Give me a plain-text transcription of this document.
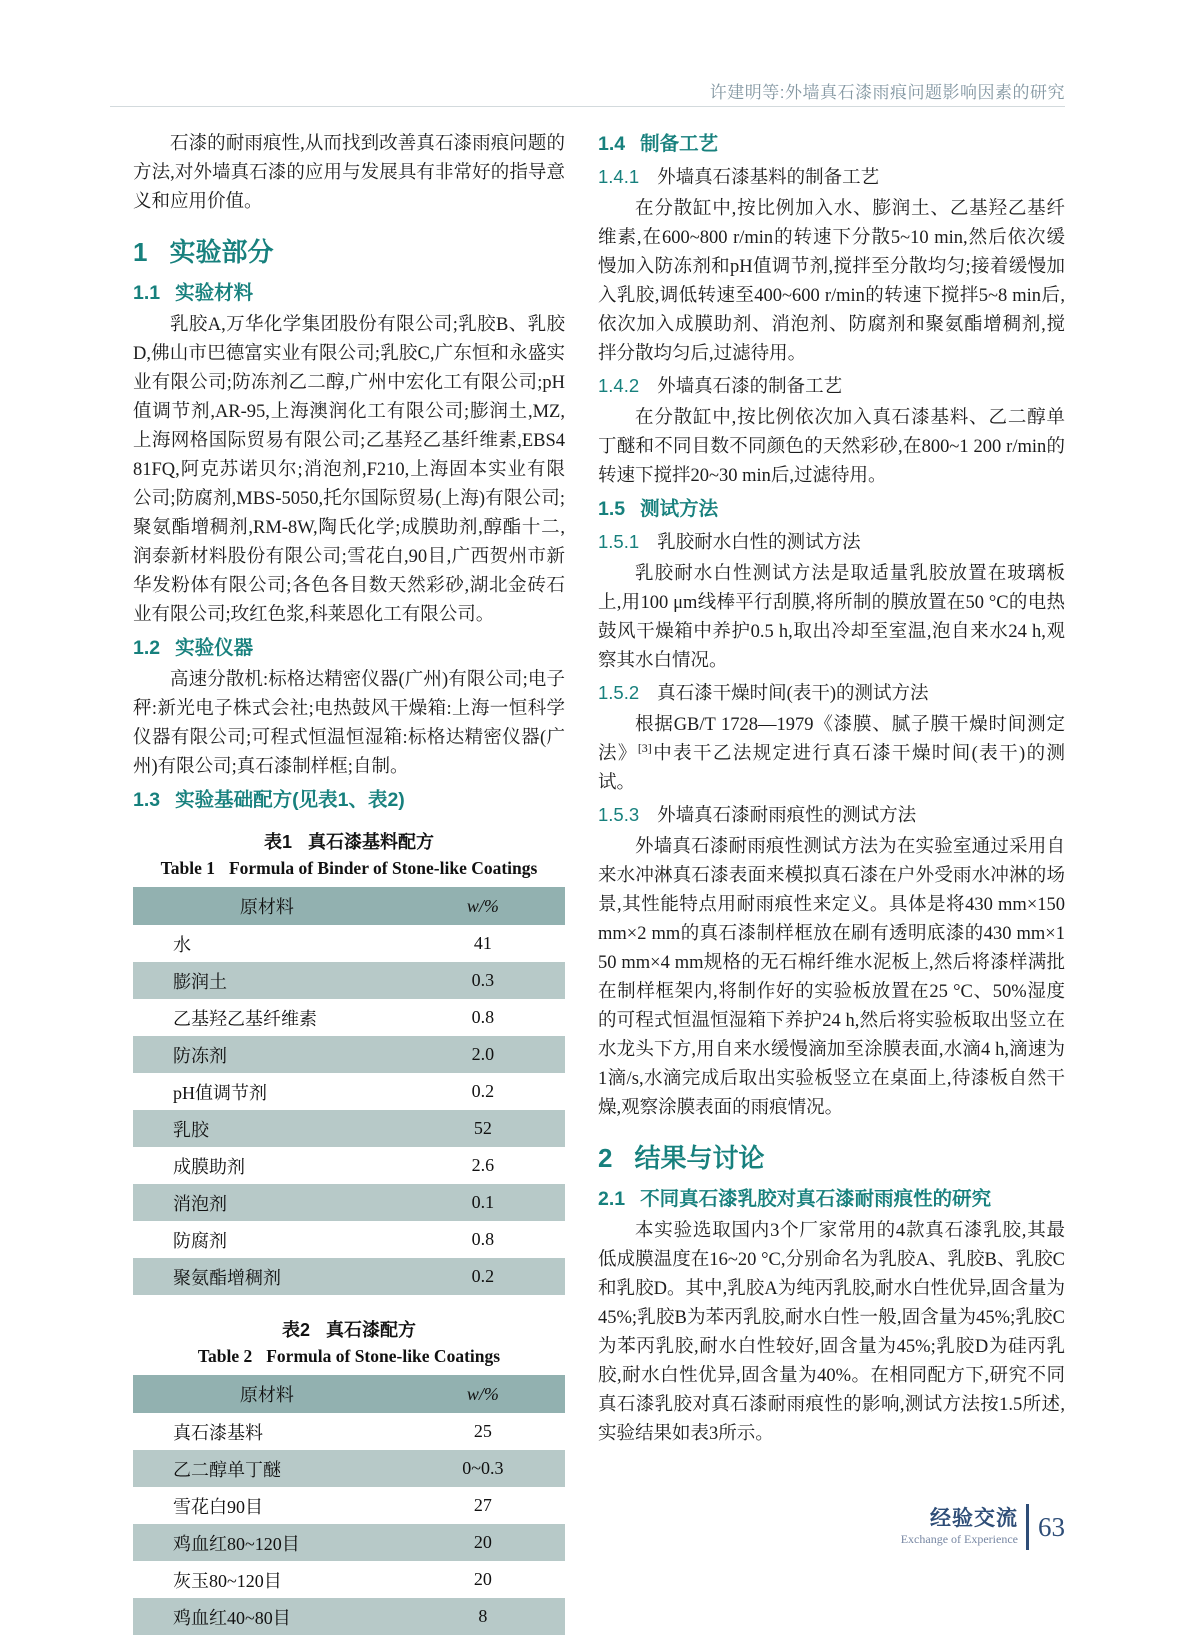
许建明等:外墙真石漆雨痕问题影响因素的研究

石漆的耐雨痕性,从而找到改善真石漆雨痕问题的方法,对外墙真石漆的应用与发展具有非常好的指导意义和应用价值。

1 实验部分
1.1 实验材料

乳胶A,万华化学集团股份有限公司;乳胶B、乳胶D,佛山市巴德富实业有限公司;乳胶C,广东恒和永盛实业有限公司;防冻剂乙二醇,广州中宏化工有限公司;pH值调节剂,AR-95,上海澳润化工有限公司;膨润土,MZ,上海网格国际贸易有限公司;乙基羟乙基纤维素,EBS481FQ,阿克苏诺贝尔;消泡剂,F210,上海固本实业有限公司;防腐剂,MBS-5050,托尔国际贸易(上海)有限公司;聚氨酯增稠剂,RM-8W,陶氏化学;成膜助剂,醇酯十二,润泰新材料股份有限公司;雪花白,90目,广西贺州市新华发粉体有限公司;各色各目数天然彩砂,湖北金砖石业有限公司;玫红色浆,科莱恩化工有限公司。

1.2 实验仪器

高速分散机:标格达精密仪器(广州)有限公司;电子秤:新光电子株式会社;电热鼓风干燥箱:上海一恒科学仪器有限公司;可程式恒温恒湿箱:标格达精密仪器(广州)有限公司;真石漆制样框;自制。

1.3 实验基础配方(见表1、表2)
表1 真石漆基料配方
Table 1 Formula of Binder of Stone-like Coatings
原材料	w/%
水	41
膨润土	0.3
乙基羟乙基纤维素	0.8
防冻剂	2.0
pH值调节剂	0.2
乳胶	52
成膜助剂	2.6
消泡剂	0.1
防腐剂	0.8
聚氨酯增稠剂	0.2
表2 真石漆配方
Table 2 Formula of Stone-like Coatings
原材料	w/%
真石漆基料	25
乙二醇单丁醚	0~0.3
雪花白90目	27
鸡血红80~120目	20
灰玉80~120目	20
鸡血红40~80目	8
1.4 制备工艺
1.4.1 外墙真石漆基料的制备工艺

在分散缸中,按比例加入水、膨润土、乙基羟乙基纤维素,在600~800 r/min的转速下分散5~10 min,然后依次缓慢加入防冻剂和pH值调节剂,搅拌至分散均匀;接着缓慢加入乳胶,调低转速至400~600 r/min的转速下搅拌5~8 min后,依次加入成膜助剂、消泡剂、防腐剂和聚氨酯增稠剂,搅拌分散均匀后,过滤待用。

1.4.2 外墙真石漆的制备工艺

在分散缸中,按比例依次加入真石漆基料、乙二醇单丁醚和不同目数不同颜色的天然彩砂,在800~1 200 r/min的转速下搅拌20~30 min后,过滤待用。

1.5 测试方法
1.5.1 乳胶耐水白性的测试方法

乳胶耐水白性测试方法是取适量乳胶放置在玻璃板上,用100 μm线棒平行刮膜,将所制的膜放置在50 °C的电热鼓风干燥箱中养护0.5 h,取出冷却至室温,泡自来水24 h,观察其水白情况。

1.5.2 真石漆干燥时间(表干)的测试方法

根据GB/T 1728—1979《漆膜、腻子膜干燥时间测定法》[3]中表干乙法规定进行真石漆干燥时间(表干)的测试。

1.5.3 外墙真石漆耐雨痕性的测试方法

外墙真石漆耐雨痕性测试方法为在实验室通过采用自来水冲淋真石漆表面来模拟真石漆在户外受雨水冲淋的场景,其性能特点用耐雨痕性来定义。具体是将430 mm×150 mm×2 mm的真石漆制样框放在刷有透明底漆的430 mm×150 mm×4 mm规格的无石棉纤维水泥板上,然后将漆样满批在制样框架内,将制作好的实验板放置在25 °C、50%湿度的可程式恒温恒湿箱下养护24 h,然后将实验板取出竖立在水龙头下方,用自来水缓慢滴加至涂膜表面,水滴4 h,滴速为1滴/s,水滴完成后取出实验板竖立在桌面上,待漆板自然干燥,观察涂膜表面的雨痕情况。

2 结果与讨论
2.1 不同真石漆乳胶对真石漆耐雨痕性的研究

本实验选取国内3个厂家常用的4款真石漆乳胶,其最低成膜温度在16~20 °C,分别命名为乳胶A、乳胶B、乳胶C和乳胶D。其中,乳胶A为纯丙乳胶,耐水白性优异,固含量为45%;乳胶B为苯丙乳胶,耐水白性一般,固含量为45%;乳胶C为苯丙乳胶,耐水白性较好,固含量为45%;乳胶D为硅丙乳胶,耐水白性优异,固含量为40%。在相同配方下,研究不同真石漆乳胶对真石漆耐雨痕性的影响,测试方法按1.5所述,实验结果如表3所示。

经验交流
Exchange of Experience 63
